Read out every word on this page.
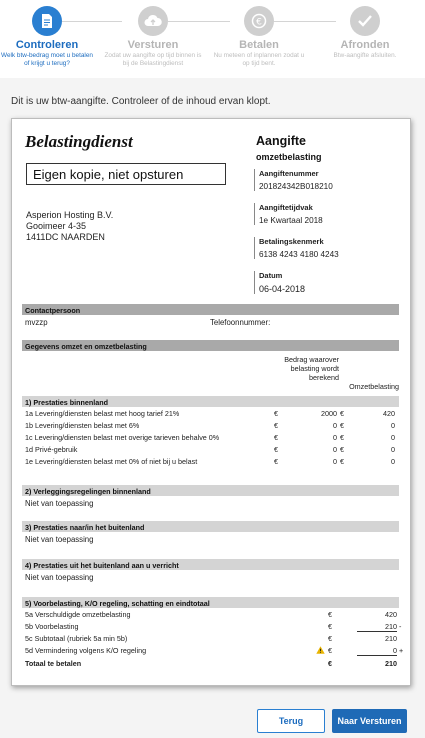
Controleren
Welk btw-bedrag moet u betalen of krijgt u terug?
Versturen
Zodat uw aangifte op tijd binnen is bij de Belastingdienst
€
Betalen
Nu meteen of inplannen zodat u op tijd bent.
Afronden
Btw-aangifte afsluiten.
Dit is uw btw-aangifte. Controleer of de inhoud ervan klopt.
Belastingdienst
Eigen kopie, niet opsturen
Asperion Hosting B.V.
Gooimeer 4-35
1411DC NAARDEN
Aangifte
omzetbelasting
Aangiftenummer
201824342B018210
Aangiftetijdvak
1e Kwartaal 2018
Betalingskenmerk
6138 4243 4180 4243
Datum
06-04-2018
Contactpersoon
mvzzp	Telefoonnummer:
Gegevens omzet en omzetbelasting
Bedrag waarover belasting wordt berekend
Omzetbelasting
1) Prestaties binnenland
1a Levering/diensten belast met hoog tarief 21%	€	2000 €	420
1b Levering/diensten belast met 6%	€	0 €	0
1c Levering/diensten belast met overige tarieven behalve 0%	€	0 €	0
1d Privé-gebruik	€	0 €	0
1e Levering/diensten belast met 0% of niet bij u belast	€	0 €	0
2) Verleggingsregelingen binnenland
Niet van toepassing
3) Prestaties naar/in het buitenland
Niet van toepassing
4) Prestaties uit het buitenland aan u verricht
Niet van toepassing
5) Voorbelasting, K/O regeling, schatting en eindtotaal
5a Verschuldigde omzetbelasting	€	420
5b Voorbelasting	€	210 -
5c Subtotaal (rubriek 5a min 5b)	€	210
5d Vermindering volgens K/O regeling	€	0 +
Totaal te betalen	€	210
Terug	Naar Versturen
